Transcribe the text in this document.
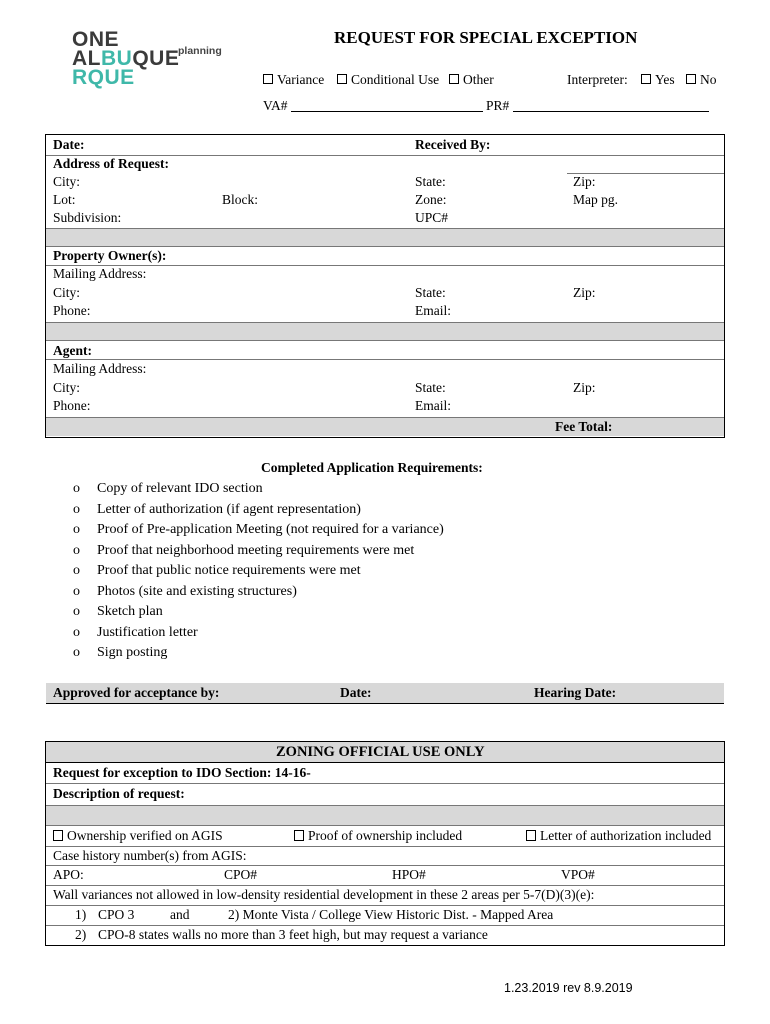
ONE
ALBUQUE
RQUE
planning
REQUEST FOR SPECIAL EXCEPTION
Variance	Conditional Use	Other	Interpreter:	Yes	No
VA#	PR#
Date:	Received By:
Address of Request:
City:	State:	Zip:
Lot:	Block:	Zone:	Map pg.
Subdivision:	UPC#
Property Owner(s):
Mailing Address:
City:	State:	Zip:
Phone:	Email:
Agent:
Mailing Address:
City:	State:	Zip:
Phone:	Email:
Fee Total:
Completed Application Requirements:
o Copy of relevant IDO section
o Letter of authorization (if agent representation)
o Proof of Pre-application Meeting (not required for a variance)
o Proof that neighborhood meeting requirements were met
o Proof that public notice requirements were met
o Photos (site and existing structures)
o Sketch plan
o Justification letter
o Sign posting
Approved for acceptance by:	Date:	Hearing Date:
ZONING OFFICIAL USE ONLY
Request for exception to IDO Section: 14-16-
Description of request:
Ownership verified on AGIS	Proof of ownership included	Letter of authorization included
Case history number(s) from AGIS:
APO:	CPO#	HPO#	VPO#
Wall variances not allowed in low-density residential development in these 2 areas per 5-7(D)(3)(e):
1) CPO 3	and	2) Monte Vista / College View Historic Dist. - Mapped Area
2) CPO-8 states walls no more than 3 feet high, but may request a variance
1.23.2019 rev 8.9.2019
